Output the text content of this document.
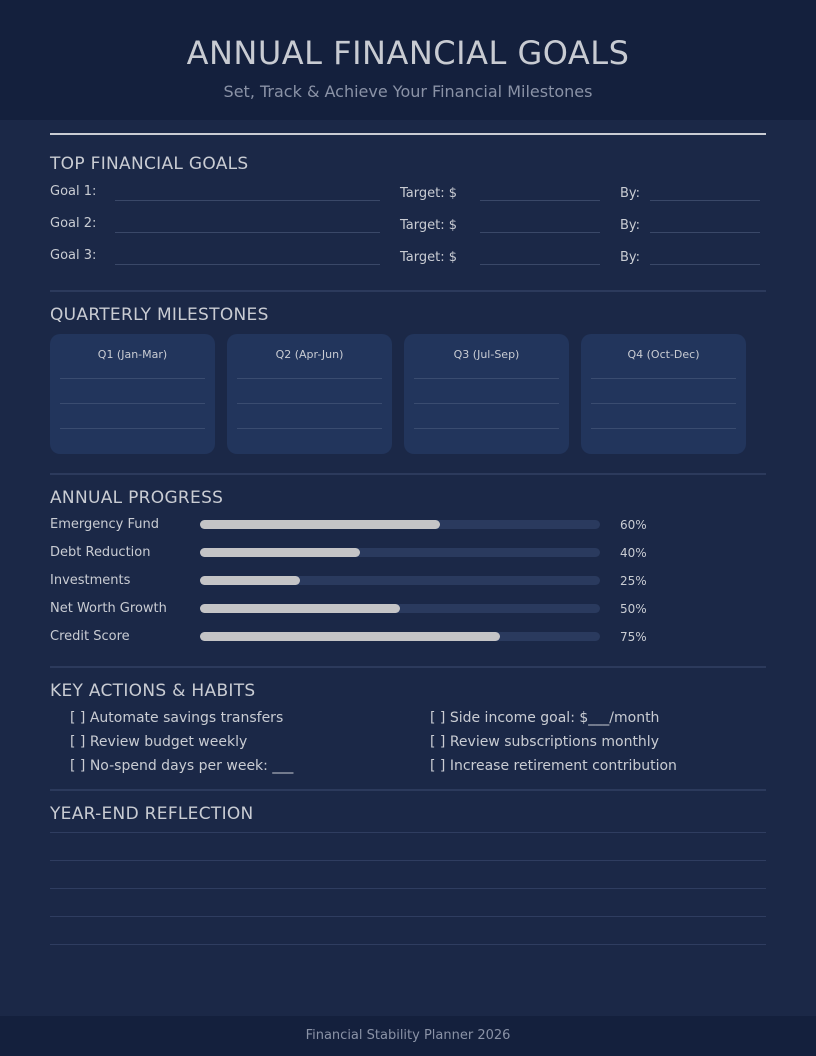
ANNUAL FINANCIAL GOALS
Set, Track & Achieve Your Financial Milestones
TOP FINANCIAL GOALS
Goal 1:	Target: $	By:
Goal 2:	Target: $	By:
Goal 3:	Target: $	By:
QUARTERLY MILESTONES
Q1 (Jan-Mar)	Q2 (Apr-Jun)	Q3 (Jul-Sep)	Q4 (Oct-Dec)
ANNUAL PROGRESS
Emergency Fund	60%
Debt Reduction	40%
Investments	25%
Net Worth Growth	50%
Credit Score	75%
KEY ACTIONS & HABITS
[ ] Automate savings transfers
[ ] Review budget weekly
[ ] No-spend days per week: ___
[ ] Side income goal: $___/month
[ ] Review subscriptions monthly
[ ] Increase retirement contribution
YEAR-END REFLECTION
Financial Stability Planner 2026
